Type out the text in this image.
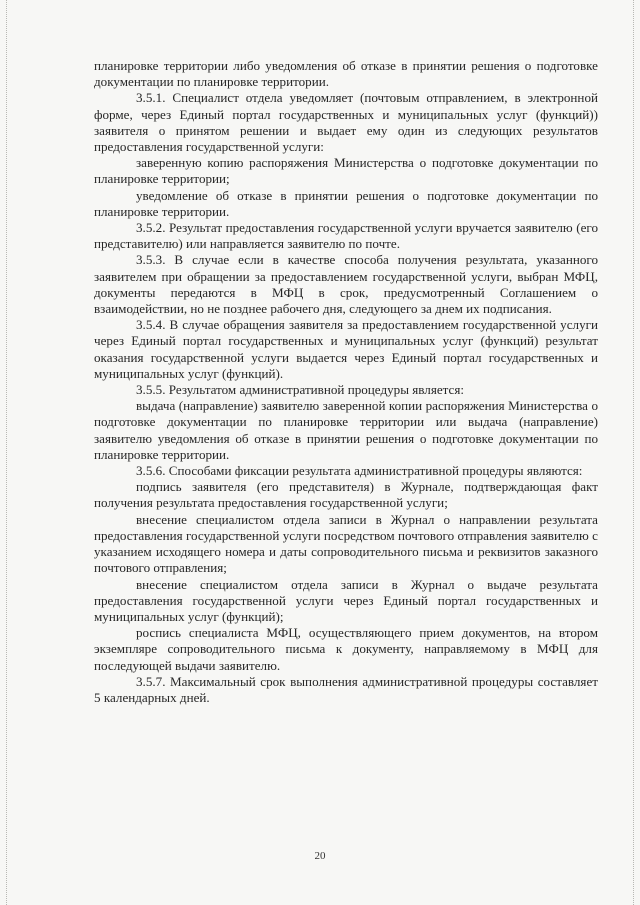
планировке территории либо уведомления об отказе в принятии решения о подготовке документации по планировке территории.

3.5.1. Специалист отдела уведомляет (почтовым отправлением, в электронной форме, через Единый портал государственных и муниципальных услуг (функций)) заявителя о принятом решении и выдает ему один из следующих результатов предоставления государственной услуги:

заверенную копию распоряжения Министерства о подготовке документации по планировке территории;

уведомление об отказе в принятии решения о подготовке документации по планировке территории.

3.5.2. Результат предоставления государственной услуги вручается заявителю (его представителю) или направляется заявителю по почте.

3.5.3. В случае если в качестве способа получения результата, указанного заявителем при обращении за предоставлением государственной услуги, выбран МФЦ, документы передаются в МФЦ в срок, предусмотренный Соглашением о взаимодействии, но не позднее рабочего дня, следующего за днем их подписания.

3.5.4. В случае обращения заявителя за предоставлением государственной услуги через Единый портал государственных и муниципальных услуг (функций) результат оказания государственной услуги выдается через Единый портал государственных и муниципальных услуг (функций).

3.5.5. Результатом административной процедуры является:

выдача (направление) заявителю заверенной копии распоряжения Министерства о подготовке документации по планировке территории или выдача (направление) заявителю уведомления об отказе в принятии решения о подготовке документации по планировке территории.

3.5.6. Способами фиксации результата административной процедуры являются:

подпись заявителя (его представителя) в Журнале, подтверждающая факт получения результата предоставления государственной услуги;

внесение специалистом отдела записи в Журнал о направлении результата предоставления государственной услуги посредством почтового отправления заявителю с указанием исходящего номера и даты сопроводительного письма и реквизитов заказного почтового отправления;

внесение специалистом отдела записи в Журнал о выдаче результата предоставления государственной услуги через Единый портал государственных и муниципальных услуг (функций);

роспись специалиста МФЦ, осуществляющего прием документов, на втором экземпляре сопроводительного письма к документу, направляемому в МФЦ для последующей выдачи заявителю.

3.5.7. Максимальный срок выполнения административной процедуры составляет 5 календарных дней.

20
